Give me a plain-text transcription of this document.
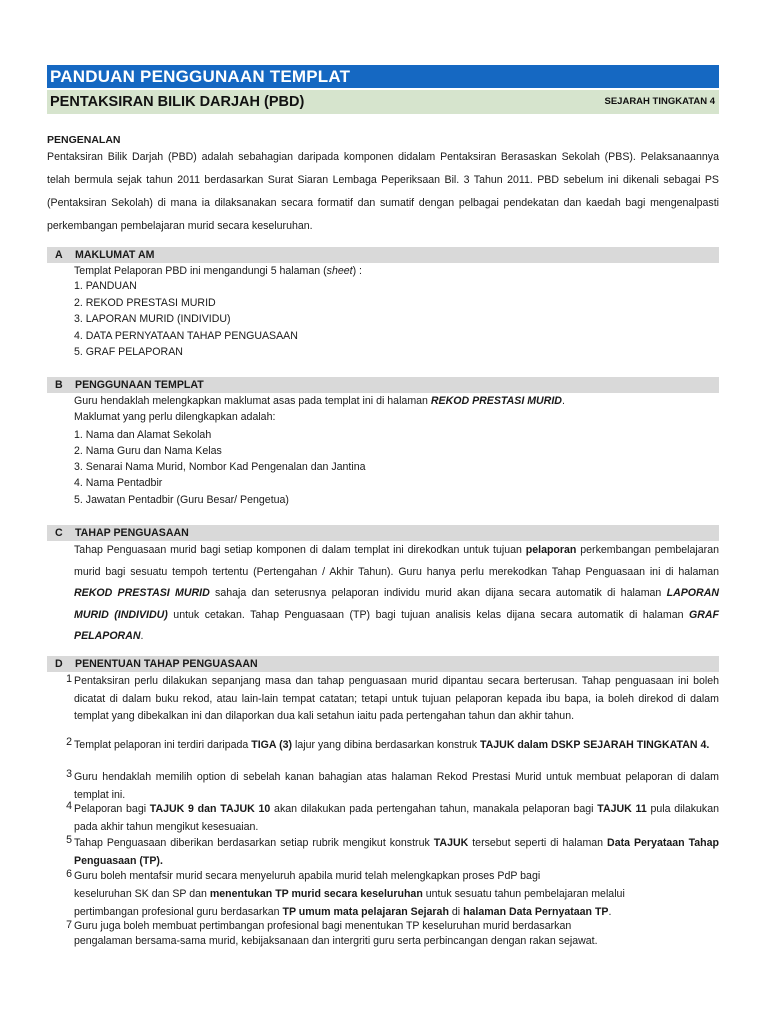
PANDUAN PENGGUNAAN TEMPLAT
PENTAKSIRAN BILIK DARJAH (PBD)	SEJARAH TINGKATAN 4
PENGENALAN
Pentaksiran Bilik Darjah (PBD) adalah sebahagian daripada komponen didalam Pentaksiran Berasaskan Sekolah (PBS). Pelaksanaannya telah bermula sejak tahun 2011 berdasarkan Surat Siaran Lembaga Peperiksaan Bil. 3 Tahun 2011. PBD sebelum ini dikenali sebagai PS (Pentaksiran Sekolah) di mana ia dilaksanakan secara formatif dan sumatif dengan pelbagai pendekatan dan kaedah bagi mengenalpasti perkembangan pembelajaran murid secara keseluruhan.
A MAKLUMAT AM
Templat Pelaporan PBD ini mengandungi 5 halaman (sheet) :
1. PANDUAN
2. REKOD PRESTASI MURID
3. LAPORAN MURID (INDIVIDU)
4. DATA PERNYATAAN TAHAP PENGUASAAN
5. GRAF PELAPORAN
B PENGGUNAAN TEMPLAT
Guru hendaklah melengkapkan maklumat asas pada templat ini di halaman REKOD PRESTASI MURID.
Maklumat yang perlu dilengkapkan adalah:
1. Nama dan Alamat Sekolah
2. Nama Guru dan Nama Kelas
3. Senarai Nama Murid, Nombor Kad Pengenalan dan Jantina
4. Nama Pentadbir
5. Jawatan Pentadbir (Guru Besar/ Pengetua)
C TAHAP PENGUASAAN
Tahap Penguasaan murid bagi setiap komponen di dalam templat ini direkodkan untuk tujuan pelaporan perkembangan pembelajaran murid bagi sesuatu tempoh tertentu (Pertengahan / Akhir Tahun). Guru hanya perlu merekodkan Tahap Penguasaan ini di halaman REKOD PRESTASI MURID sahaja dan seterusnya pelaporan individu murid akan dijana secara automatik di halaman LAPORAN MURID (INDIVIDU) untuk cetakan. Tahap Penguasaan (TP) bagi tujuan analisis kelas dijana secara automatik di halaman GRAF PELAPORAN.
D PENENTUAN TAHAP PENGUASAAN
1 Pentaksiran perlu dilakukan sepanjang masa dan tahap penguasaan murid dipantau secara berterusan. Tahap penguasaan ini boleh dicatat di dalam buku rekod, atau lain-lain tempat catatan; tetapi untuk tujuan pelaporan kepada ibu bapa, ia boleh direkod di dalam templat yang dibekalkan ini dan dilaporkan dua kali setahun iaitu pada pertengahan tahun dan akhir tahun.
2 Templat pelaporan ini terdiri daripada TIGA (3) lajur yang dibina berdasarkan konstruk TAJUK dalam DSKP SEJARAH TINGKATAN 4.
3 Guru hendaklah memilih option di sebelah kanan bahagian atas halaman Rekod Prestasi Murid untuk membuat pelaporan di dalam templat ini.
4 Pelaporan bagi TAJUK 9 dan TAJUK 10 akan dilakukan pada pertengahan tahun, manakala pelaporan bagi TAJUK 11 pula dilakukan pada akhir tahun mengikut kesesuaian.
5 Tahap Penguasaan diberikan berdasarkan setiap rubrik mengikut konstruk TAJUK tersebut seperti di halaman Data Peryataan Tahap Penguasaan (TP).
6 Guru boleh mentafsir murid secara menyeluruh apabila murid telah melengkapkan proses PdP bagi
keseluruhan SK dan SP dan menentukan TP murid secara keseluruhan untuk sesuatu tahun pembelajaran melalui
pertimbangan profesional guru berdasarkan TP umum mata pelajaran Sejarah di halaman Data Pernyataan TP.
7 Guru juga boleh membuat pertimbangan profesional bagi menentukan TP keseluruhan murid berdasarkan
pengalaman bersama-sama murid, kebijaksanaan dan intergriti guru serta perbincangan dengan rakan sejawat.
